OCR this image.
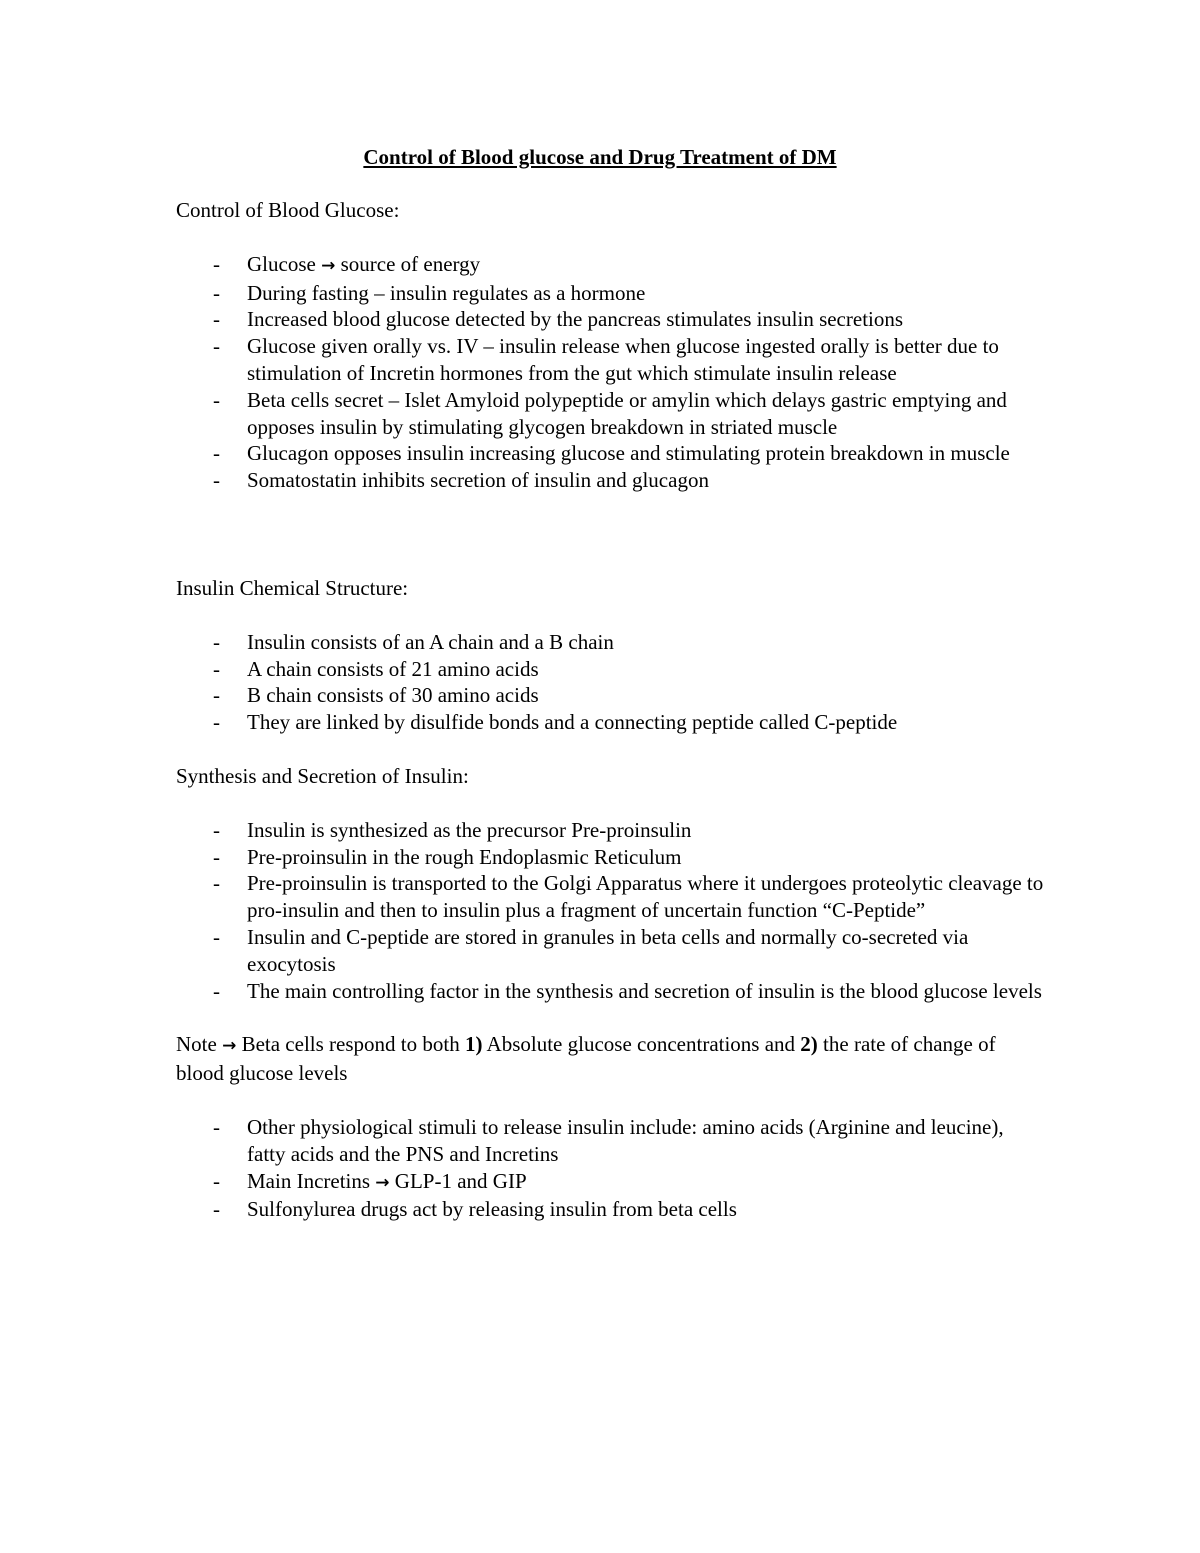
Control of Blood glucose and Drug Treatment of DM

Control of Blood Glucose:

- Glucose → source of energy
- During fasting – insulin regulates as a hormone
- Increased blood glucose detected by the pancreas stimulates insulin secretions
- Glucose given orally vs. IV – insulin release when glucose ingested orally is better due to stimulation of Incretin hormones from the gut which stimulate insulin release
- Beta cells secret – Islet Amyloid polypeptide or amylin which delays gastric emptying and opposes insulin by stimulating glycogen breakdown in striated muscle
- Glucagon opposes insulin increasing glucose and stimulating protein breakdown in muscle
- Somatostatin inhibits secretion of insulin and glucagon

Insulin Chemical Structure:

- Insulin consists of an A chain and a B chain
- A chain consists of 21 amino acids
- B chain consists of 30 amino acids
- They are linked by disulfide bonds and a connecting peptide called C-peptide

Synthesis and Secretion of Insulin:

- Insulin is synthesized as the precursor Pre-proinsulin
- Pre-proinsulin in the rough Endoplasmic Reticulum
- Pre-proinsulin is transported to the Golgi Apparatus where it undergoes proteolytic cleavage to pro-insulin and then to insulin plus a fragment of uncertain function “C-Peptide”
- Insulin and C-peptide are stored in granules in beta cells and normally co-secreted via exocytosis
- The main controlling factor in the synthesis and secretion of insulin is the blood glucose levels

Note → Beta cells respond to both 1) Absolute glucose concentrations and 2) the rate of change of blood glucose levels

- Other physiological stimuli to release insulin include: amino acids (Arginine and leucine), fatty acids and the PNS and Incretins
- Main Incretins → GLP-1 and GIP
- Sulfonylurea drugs act by releasing insulin from beta cells
